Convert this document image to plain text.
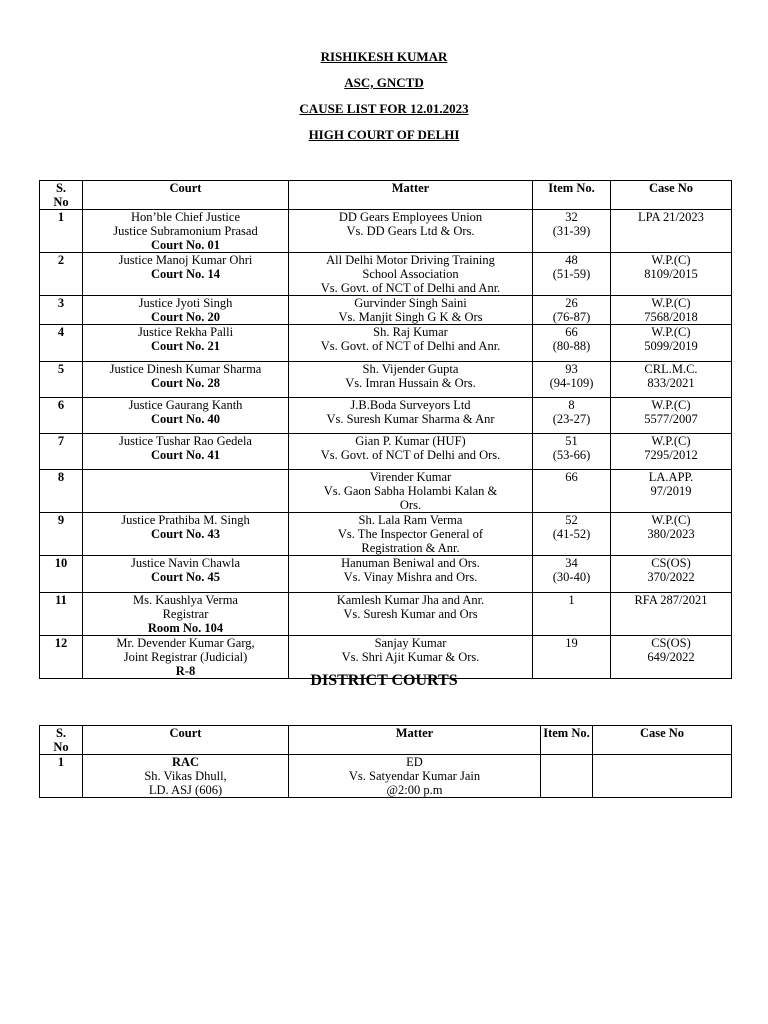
RISHIKESH KUMAR
ASC, GNCTD
CAUSE LIST FOR 12.01.2023
HIGH COURT OF DELHI
S. No	Court	Matter	Item No.	Case No
1	Hon’ble Chief Justice
Justice Subramonium Prasad
Court No. 01	DD Gears Employees Union
Vs. DD Gears Ltd & Ors.	32
(31-39)	LPA 21/2023

2	Justice Manoj Kumar Ohri
Court No. 14	All Delhi Motor Driving Training
School Association
Vs. Govt. of NCT of Delhi and Anr.	48
(51-59)	W.P.(C)
8109/2015

3	Justice Jyoti Singh
Court No. 20	Gurvinder Singh Saini
Vs. Manjit Singh G K & Ors	26
(76-87)	W.P.(C)
7568/2018

4	Justice Rekha Palli
Court No. 21	Sh. Raj Kumar
Vs. Govt. of NCT of Delhi and Anr.	66
(80-88)	W.P.(C)
5099/2019

5	Justice Dinesh Kumar Sharma
Court No. 28	Sh. Vijender Gupta
Vs. Imran Hussain & Ors.	93
(94-109)	CRL.M.C.
833/2021

6	Justice Gaurang Kanth
Court No. 40	J.B.Boda Surveyors Ltd
Vs. Suresh Kumar Sharma & Anr	8
(23-27)	W.P.(C)
5577/2007

7	Justice Tushar Rao Gedela
Court No. 41	Gian P. Kumar (HUF)
Vs. Govt. of NCT of Delhi and Ors.	51
(53-66)	W.P.(C)
7295/2012

8		Virender Kumar
Vs. Gaon Sabha Holambi Kalan &
Ors.	66	LA.APP.
97/2019

9	Justice Prathiba M. Singh
Court No. 43	Sh. Lala Ram Verma
Vs. The Inspector General of
Registration & Anr.	52
(41-52)	W.P.(C)
380/2023

10	Justice Navin Chawla
Court No. 45	Hanuman Beniwal and Ors.
Vs. Vinay Mishra and Ors.	34
(30-40)	CS(OS)
370/2022

11	Ms. Kaushlya Verma
Registrar
Room No. 104	Kamlesh Kumar Jha and Anr.
Vs. Suresh Kumar and Ors	1	RFA 287/2021

12	Mr. Devender Kumar Garg,
Joint Registrar (Judicial)
R-8	Sanjay Kumar
Vs. Shri Ajit Kumar & Ors.	19	CS(OS)
649/2022
DISTRICT COURTS
S. No	Court	Matter	Item No.	Case No
1	RAC
Sh. Vikas Dhull,
LD. ASJ (606)	ED
Vs. Satyendar Kumar Jain
@2:00 p.m		
